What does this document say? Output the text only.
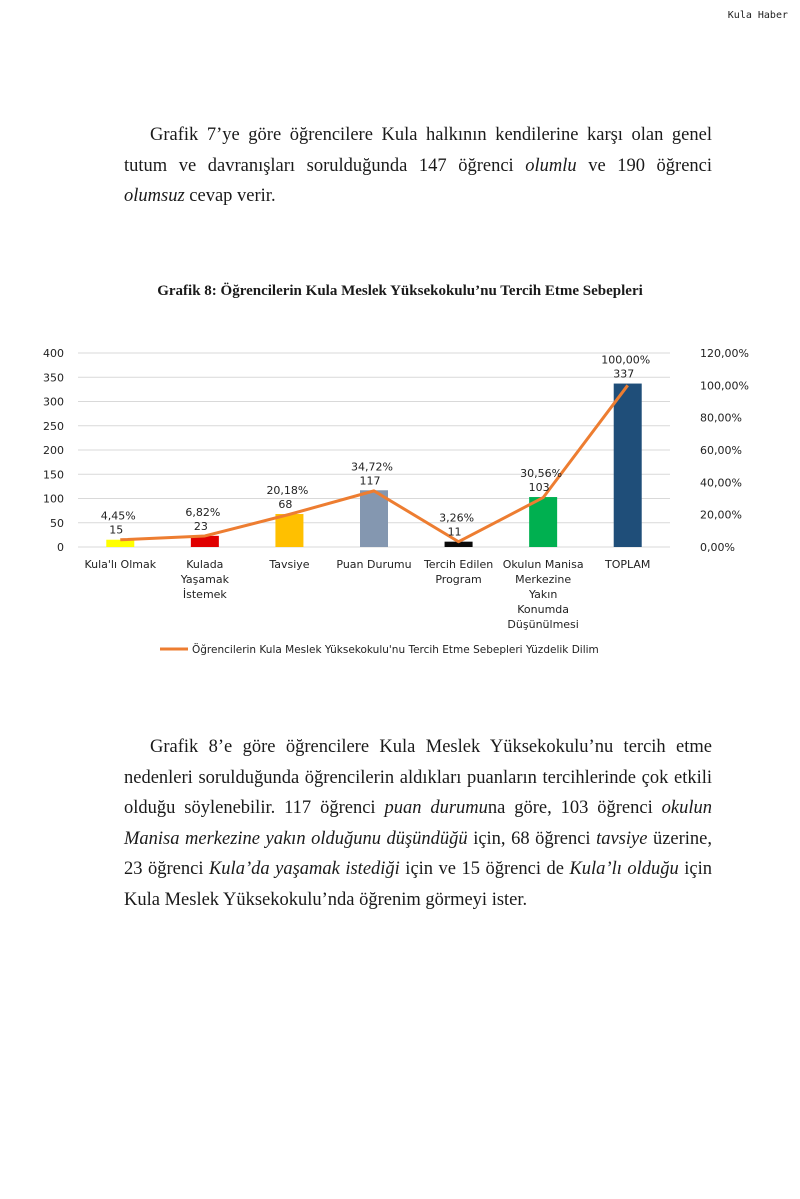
Kula Haber

Grafik 7’ye göre öğrencilere Kula halkının kendilerine karşı olan genel tutum ve davranışları sorulduğunda 147 öğrenci olumlu ve 190 öğrenci olumsuz cevap verir.

Grafik 8: Öğrencilerin Kula Meslek Yüksekokulu’nu Tercih Etme Sebepleri
0
50
100
150
200
250
300
350
400
0,00%
20,00%
40,00%
60,00%
80,00%
100,00%
120,00%
15
4,45%
23
6,82%
68
20,18%
117
34,72%
11
3,26%
103
30,56%
337
100,00%
Kula'lı Olmak	Kulada
Yaşamak
İstemek
Tavsiye Puan Durumu Tercih Edilen
Program
Okulun Manisa
Merkezine
Yakın
Konumda
Düşünülmesi
TOPLAM
Öğrencilerin Kula Meslek Yüksekokulu'nu Tercih Etme Sebepleri Yüzdelik Dilim

Grafik 8’e göre öğrencilere Kula Meslek Yüksekokulu’nu tercih etme nedenleri sorulduğunda öğrencilerin aldıkları puanların tercihlerinde çok etkili olduğu söylenebilir. 117 öğrenci puan durumuna göre, 103 öğrenci okulun Manisa merkezine yakın olduğunu düşündüğü için, 68 öğrenci tavsiye üzerine, 23 öğrenci Kula’da yaşamak istediği için ve 15 öğrenci de Kula’lı olduğu için Kula Meslek Yüksekokulu’nda öğrenim görmeyi ister.
